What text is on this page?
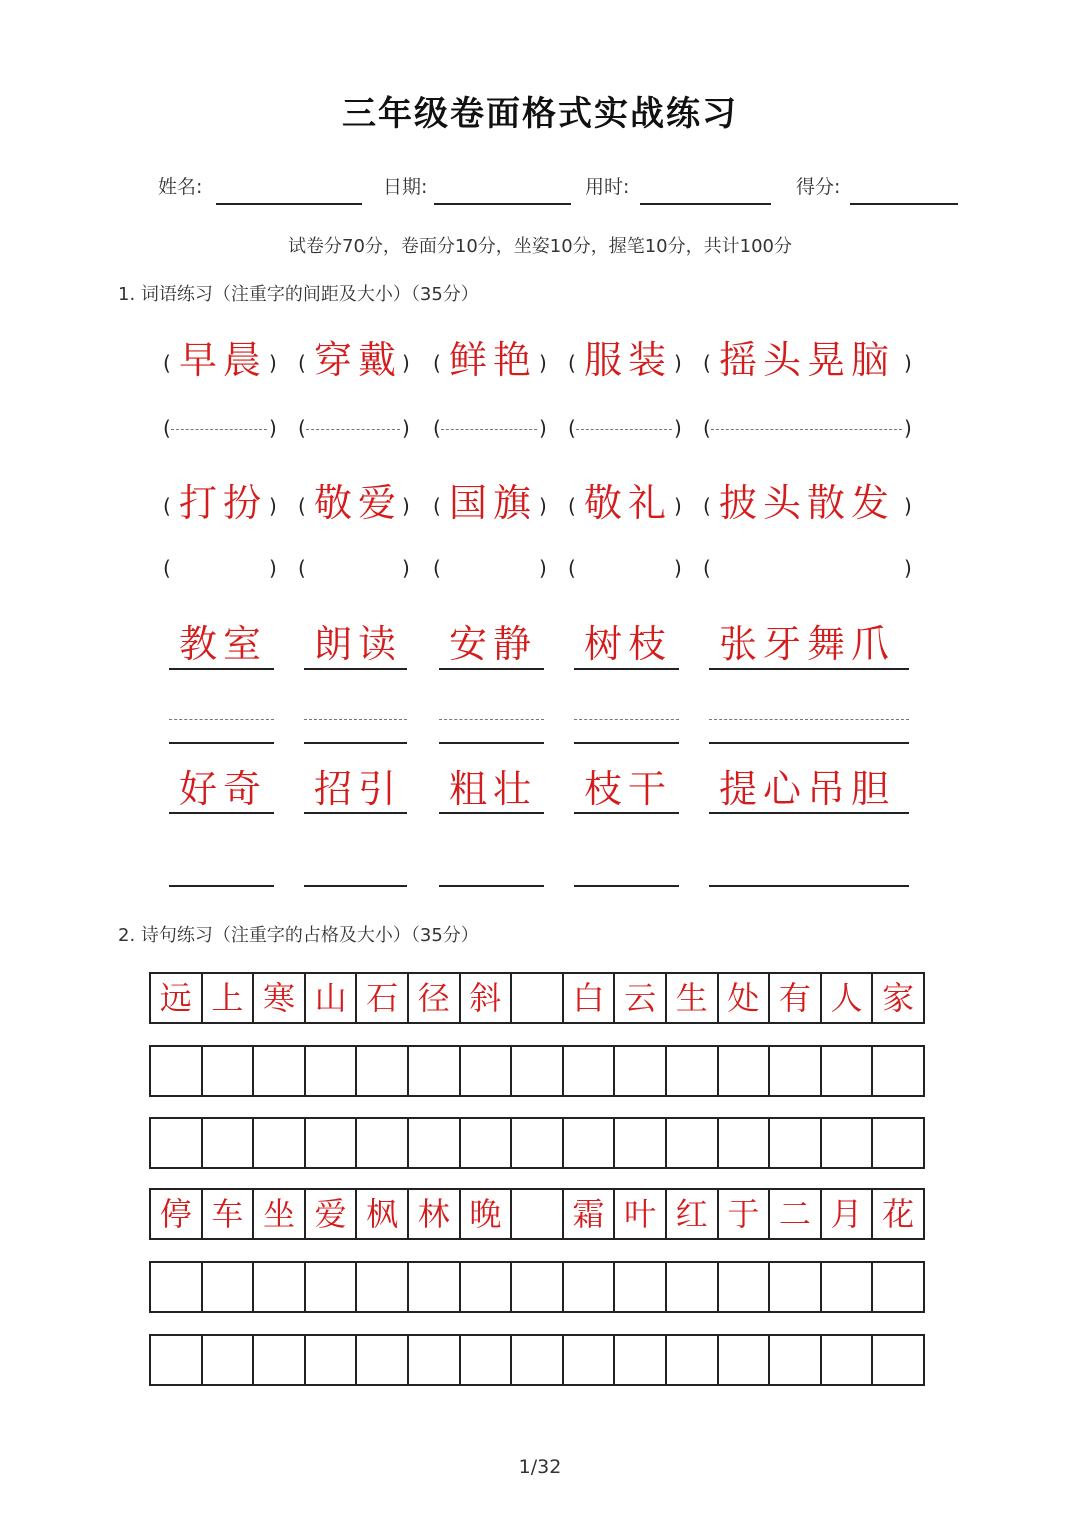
三年级卷面格式实战练习
姓名:	日期:	用时:	得分:
试卷分70分，卷面分10分，坐姿10分，握笔10分，共计100分
1. 词语练习（注重字的间距及大小）（35分）
(	)
早晨
(	)
(	)
穿戴
(	)
(	)
鲜艳
(	)
(	)
服装
(	)
(	)
摇头晃脑
(	)
(	)
打扮
(	)
(	)
敬爱
(	)
(	)
国旗
(	)
(	)
敬礼
(	)
(	)
披头散发
(	)
教室 朗读 安静 树枝 张牙舞爪
好奇 招引 粗壮 枝干 提心吊胆
2. 诗句练习（注重字的占格及大小）（35分）
远 上 寒 山 石 径 斜	白 云 生 处 有 人 家
停 车 坐 爱 枫 林 晚	霜 叶 红 于 二 月 花
1/32
